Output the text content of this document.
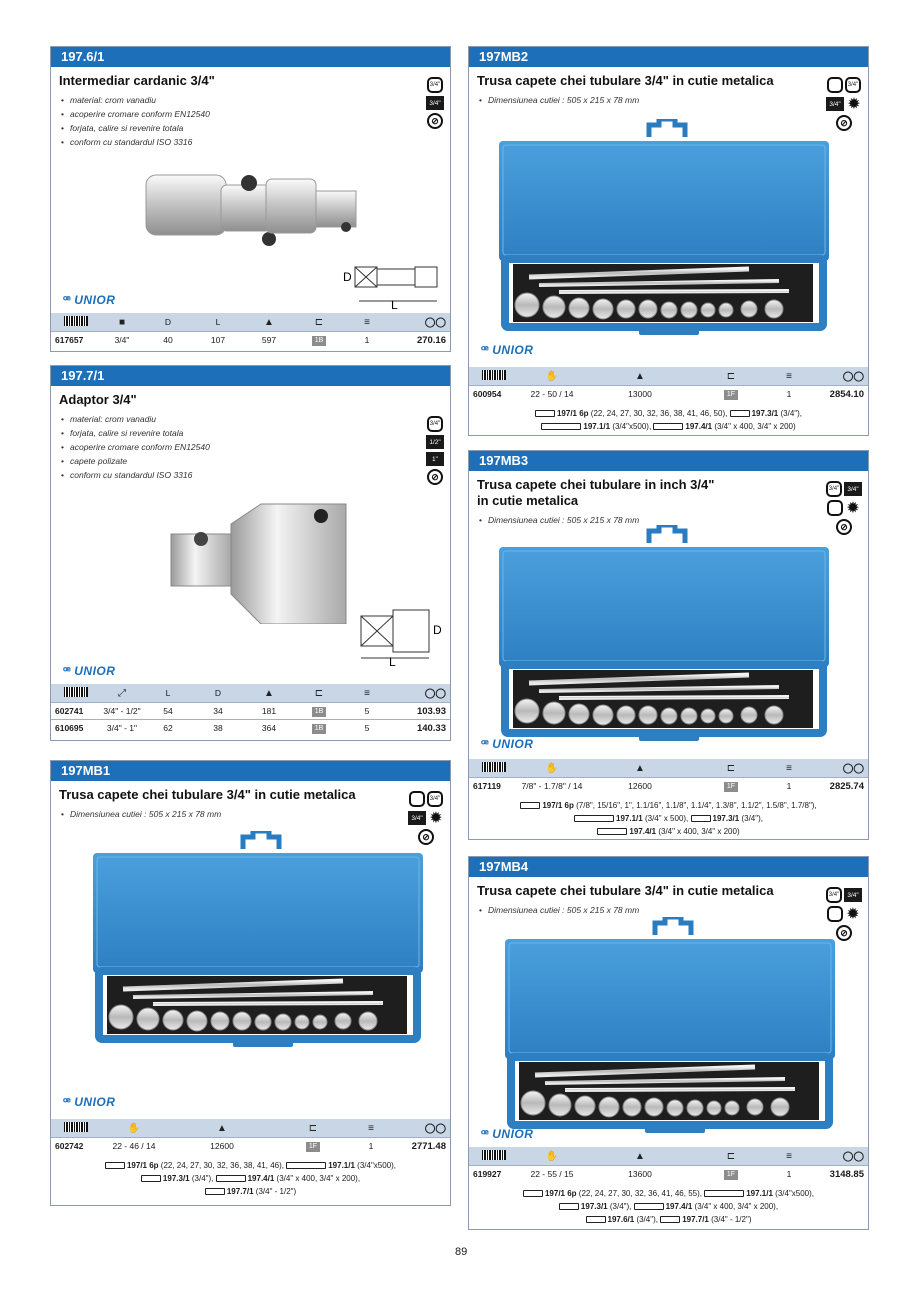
197.6/1
Intermediar cardanic 3/4"
• material: crom vanadiu
• acoperire cromare conform EN12540
• forjata, calire si revenire totala
• conform cu standardul ISO 3316
3/4"
3/4"
⊘
D
L
ꟹ UNIOR
■	D	L	▲	⊏	≡	◯◯
617657	3/4"	40	107	597	1B	1	270.16
197.7/1
Adaptor 3/4"
• material: crom vanadiu
• forjata, calire si revenire totala
• acoperire cromare conform EN12540
• capete polizate
• conform cu standardul ISO 3316
3/4"
1/2"
1"
⊘
D
L
ꟹ UNIOR
⤢	L	D	▲	⊏	≡	◯◯
602741	3/4" - 1/2"	54	34	181	1B	5	103.93
610695	3/4" - 1"	62	38	364	1B	5	140.33
197MB1
Trusa capete chei tubulare 3/4" in cutie metalica
• Dimensiunea cutiei : 505 x 215 x 78 mm
3/4"
3/4" ✹
⊘
ꟹ UNIOR
✋	▲	⊏	≡	◯◯
602742	22 - 46 / 14	12600	1F	1	2771.48
197/1 6p (22, 24, 27, 30, 32, 36, 38, 41, 46),	197.1/1 (3/4"x500),
197.3/1 (3/4"),	197.4/1 (3/4" x 400, 3/4" x 200),
197.7/1 (3/4" - 1/2")
197MB2
Trusa capete chei tubulare 3/4" in cutie metalica
• Dimensiunea cutiei : 505 x 215 x 78 mm
3/4"
3/4" ✹
⊘
ꟹ UNIOR
✋	▲	⊏	≡	◯◯
600954	22 - 50 / 14	13000	1F	1	2854.10
197/1 6p (22, 24, 27, 30, 32, 36, 38, 41, 46, 50),	197.3/1 (3/4"),
197.1/1 (3/4"x500),	197.4/1 (3/4" x 400, 3/4" x 200)
197MB3
Trusa capete chei tubulare in inch 3/4"
in cutie metalica
• Dimensiunea cutiei : 505 x 215 x 78 mm
3/4"	3/4"
✹
⊘
ꟹ UNIOR
✋	▲	⊏	≡	◯◯
617119	7/8" - 1.7/8" / 14	12600	1F	1	2825.74
197/1 6p (7/8", 15/16", 1", 1.1/16", 1.1/8", 1.1/4", 1.3/8", 1.1/2", 1.5/8", 1.7/8"),
197.1/1 (3/4" x 500),	197.3/1 (3/4"),
197.4/1 (3/4" x 400, 3/4" x 200)
197MB4
Trusa capete chei tubulare 3/4" in cutie metalica
• Dimensiunea cutiei : 505 x 215 x 78 mm
3/4"	3/4"
✹
⊘
ꟹ UNIOR
✋	▲	⊏	≡	◯◯
619927	22 - 55 / 15	13600	1F	1	3148.85
197/1 6p (22, 24, 27, 30, 32, 36, 41, 46, 55),	197.1/1 (3/4"x500),
197.3/1 (3/4"),	197.4/1 (3/4" x 400, 3/4" x 200),
197.6/1 (3/4"),	197.7/1 (3/4" - 1/2")
89
